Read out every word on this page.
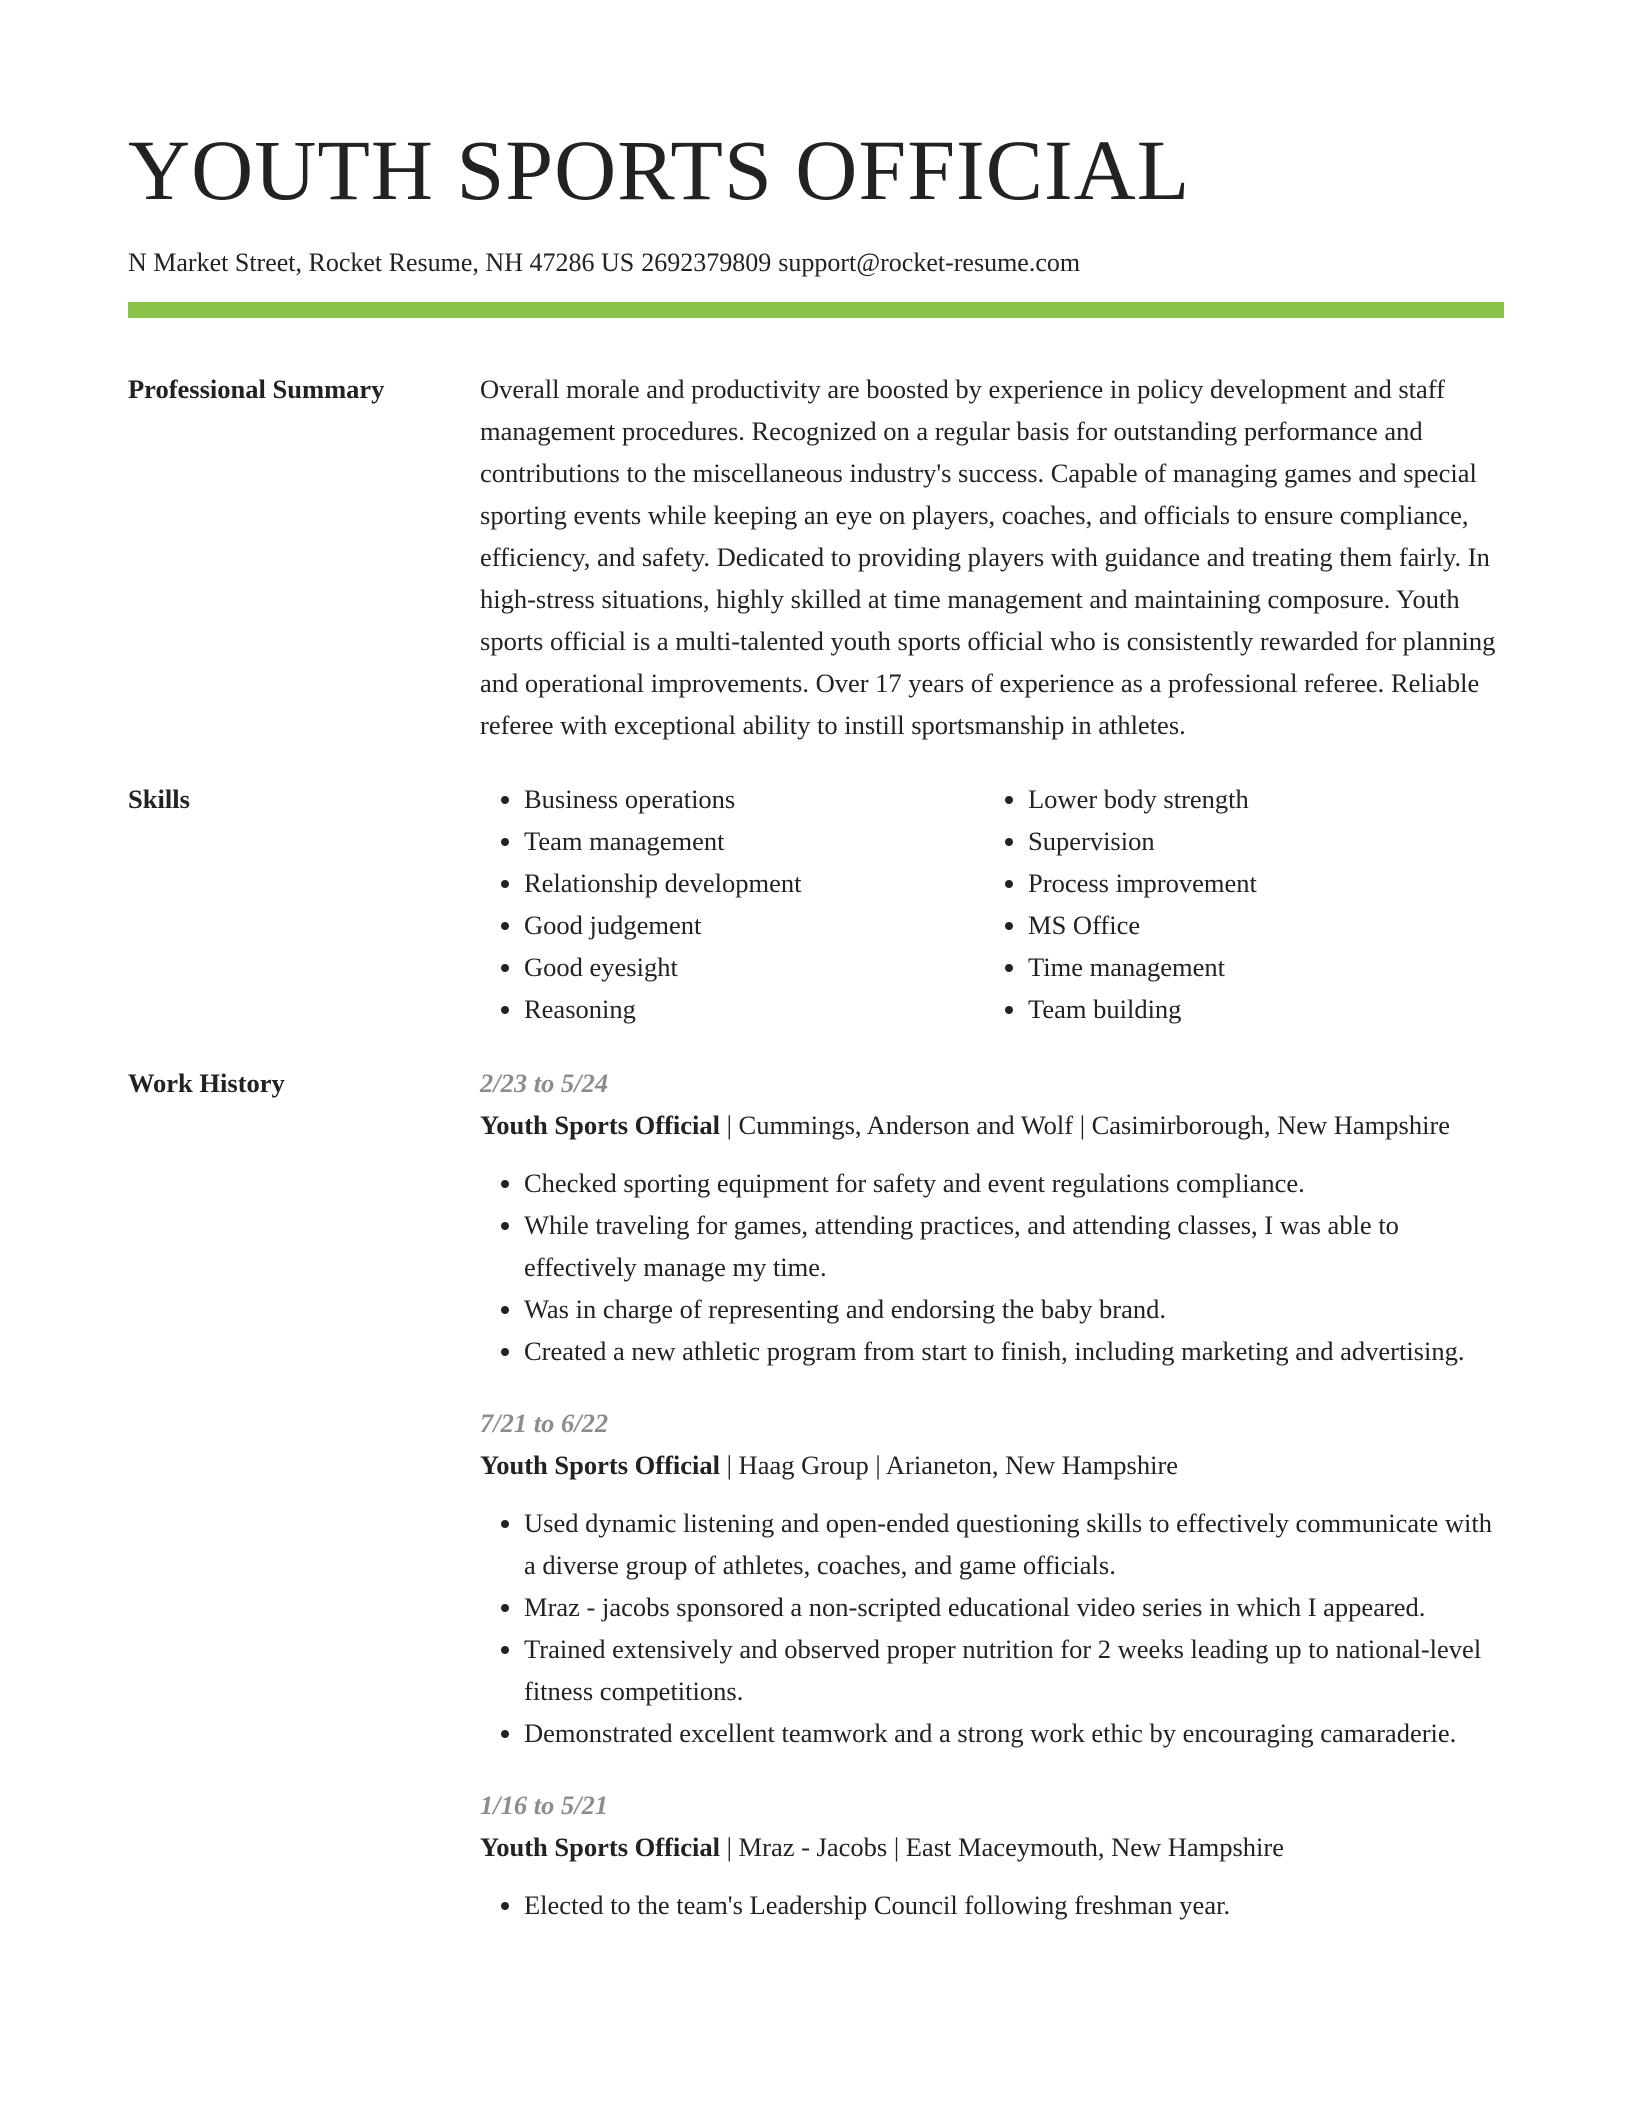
YOUTH SPORTS OFFICIAL
N Market Street, Rocket Resume, NH 47286 US 2692379809 support@rocket-resume.com
Professional Summary	Overall morale and productivity are boosted by experience in policy development and staff management procedures. Recognized on a regular basis for outstanding performance and contributions to the miscellaneous industry's success. Capable of managing games and special sporting events while keeping an eye on players, coaches, and officials to ensure compliance, efficiency, and safety. Dedicated to providing players with guidance and treating them fairly. In high-stress situations, highly skilled at time management and maintaining composure. Youth sports official is a multi-talented youth sports official who is consistently rewarded for planning and operational improvements. Over 17 years of experience as a professional referee. Reliable referee with exceptional ability to instill sportsmanship in athletes.
Skills
•	Business operations
• Team management
• Relationship development
• Good judgement
• Good eyesight
• Reasoning
• Lower body strength
• Supervision
• Process improvement
• MS Office
• Time management
• Team building
Work History	2/23 to 5/24
Youth Sports Official | Cummings, Anderson and Wolf | Casimirborough, New Hampshire
• Checked sporting equipment for safety and event regulations compliance.
• While traveling for games, attending practices, and attending classes, I was able to effectively manage my time.
• Was in charge of representing and endorsing the baby brand.
• Created a new athletic program from start to finish, including marketing and advertising.
7/21 to 6/22
Youth Sports Official | Haag Group | Arianeton, New Hampshire
• Used dynamic listening and open-ended questioning skills to effectively communicate with a diverse group of athletes, coaches, and game officials.
• Mraz - jacobs sponsored a non-scripted educational video series in which I appeared.
• Trained extensively and observed proper nutrition for 2 weeks leading up to national-level fitness competitions.
• Demonstrated excellent teamwork and a strong work ethic by encouraging camaraderie.
1/16 to 5/21
Youth Sports Official | Mraz - Jacobs | East Maceymouth, New Hampshire
• Elected to the team's Leadership Council following freshman year.
